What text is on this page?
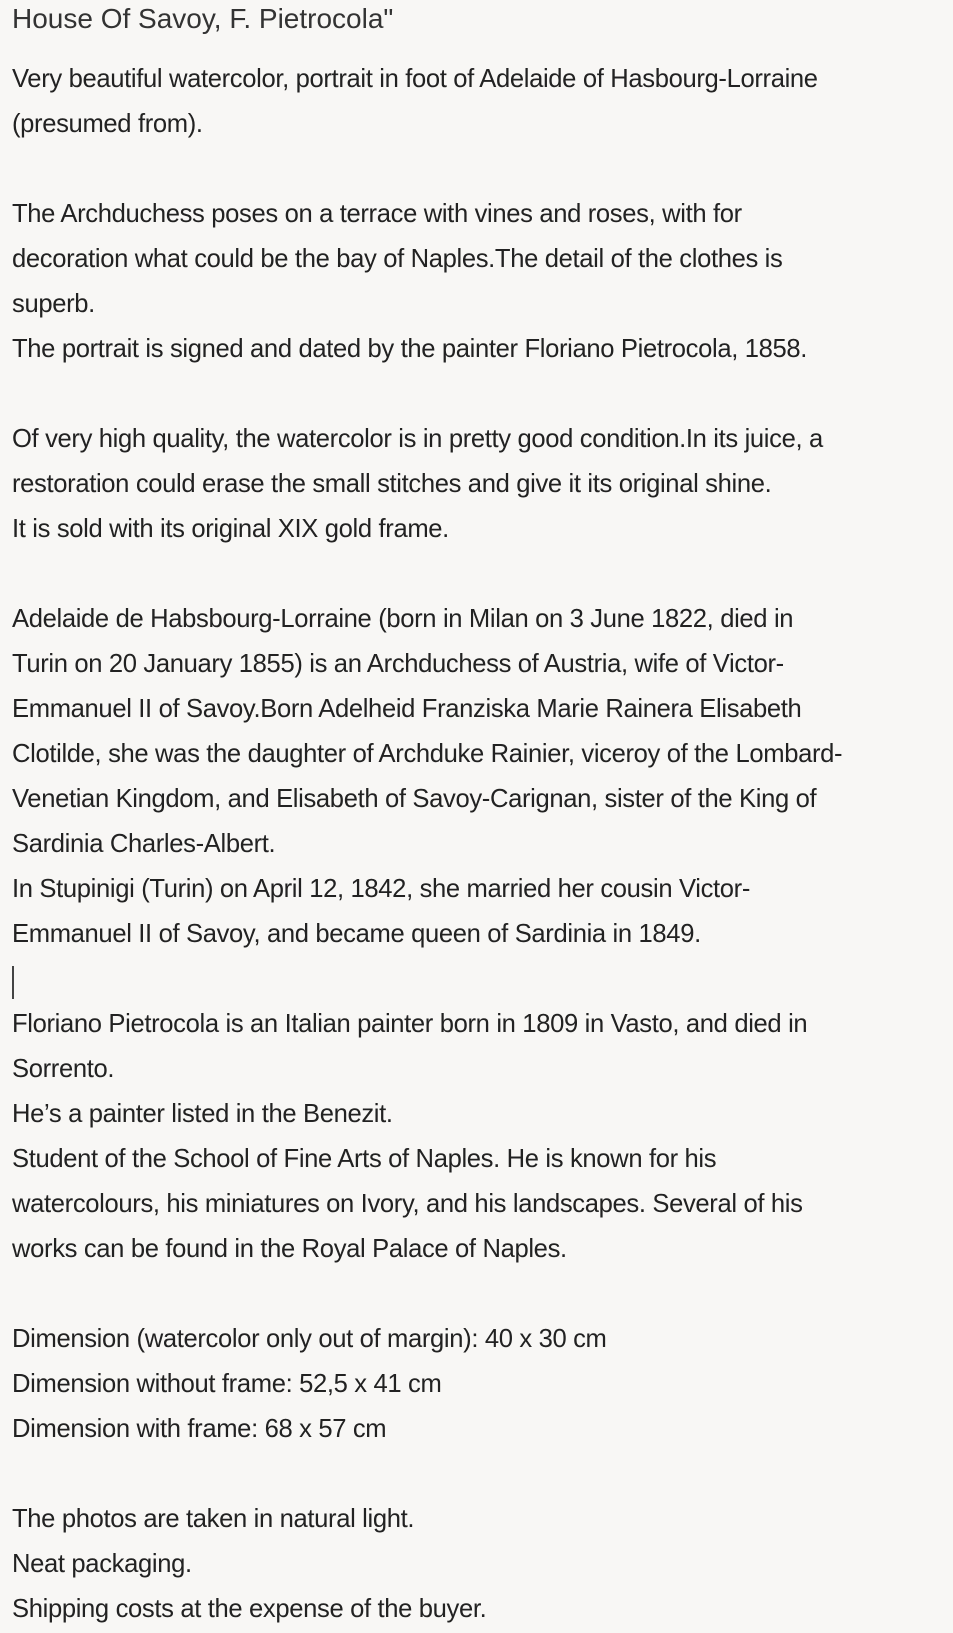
House Of Savoy, F. Pietrocola"
Very beautiful watercolor, portrait in foot of Adelaide of Hasbourg-Lorraine
(presumed from).
The Archduchess poses on a terrace with vines and roses, with for
decoration what could be the bay of Naples.The detail of the clothes is
superb.
The portrait is signed and dated by the painter Floriano Pietrocola, 1858.
Of very high quality, the watercolor is in pretty good condition.In its juice, a
restoration could erase the small stitches and give it its original shine.
It is sold with its original XIX gold frame.
Adelaide de Habsbourg-Lorraine (born in Milan on 3 June 1822, died in
Turin on 20 January 1855) is an Archduchess of Austria, wife of Victor-
Emmanuel II of Savoy.Born Adelheid Franziska Marie Rainera Elisabeth
Clotilde, she was the daughter of Archduke Rainier, viceroy of the Lombard-
Venetian Kingdom, and Elisabeth of Savoy-Carignan, sister of the King of
Sardinia Charles-Albert.
In Stupinigi (Turin) on April 12, 1842, she married her cousin Victor-
Emmanuel II of Savoy, and became queen of Sardinia in 1849.
Floriano Pietrocola is an Italian painter born in 1809 in Vasto, and died in
Sorrento.
He’s a painter listed in the Benezit.
Student of the School of Fine Arts of Naples. He is known for his
watercolours, his miniatures on Ivory, and his landscapes. Several of his
works can be found in the Royal Palace of Naples.
Dimension (watercolor only out of margin): 40 x 30 cm
Dimension without frame: 52,5 x 41 cm
Dimension with frame: 68 x 57 cm
The photos are taken in natural light.
Neat packaging.
Shipping costs at the expense of the buyer.
